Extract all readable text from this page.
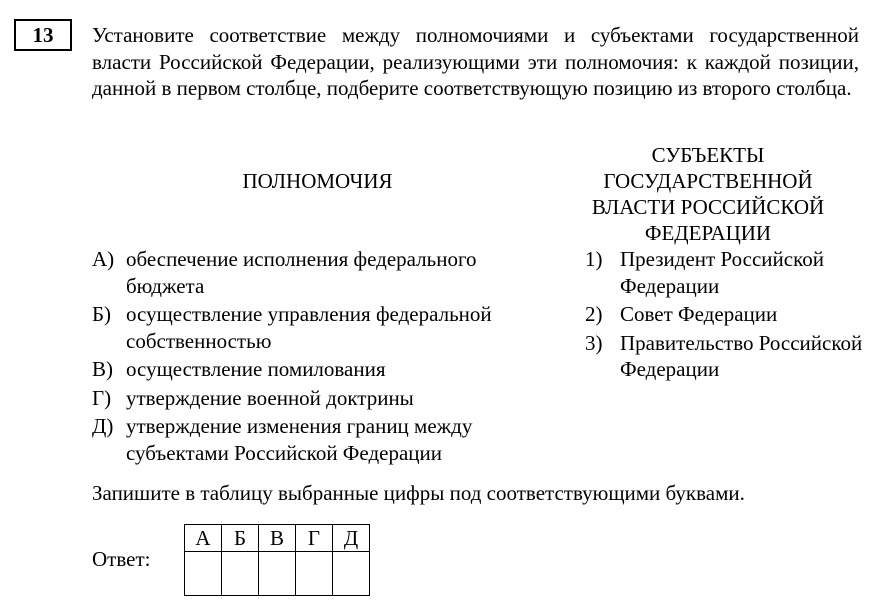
13 Установите соответствие между полномочиями и субъектами государственной власти Российской Федерации, реализующими эти полномочия: к каждой позиции, данной в первом столбце, подберите соответствующую позицию из второго столбца.

ПОЛНОМОЧИЯ
СУБЪЕКТЫ ГОСУДАРСТВЕННОЙ ВЛАСТИ РОССИЙСКОЙ ФЕДЕРАЦИИ
А) обеспечение исполнения федерального бюджета
Б) осуществление управления федеральной собственностью
В) осуществление помилования
Г) утверждение военной доктрины
Д) утверждение изменения границ между субъектами Российской Федерации
1) Президент Российской Федерации
2) Совет Федерации
3) Правительство Российской Федерации
Запишите в таблицу выбранные цифры под соответствующими буквами.
Ответ:
А	Б	В	Г	Д
